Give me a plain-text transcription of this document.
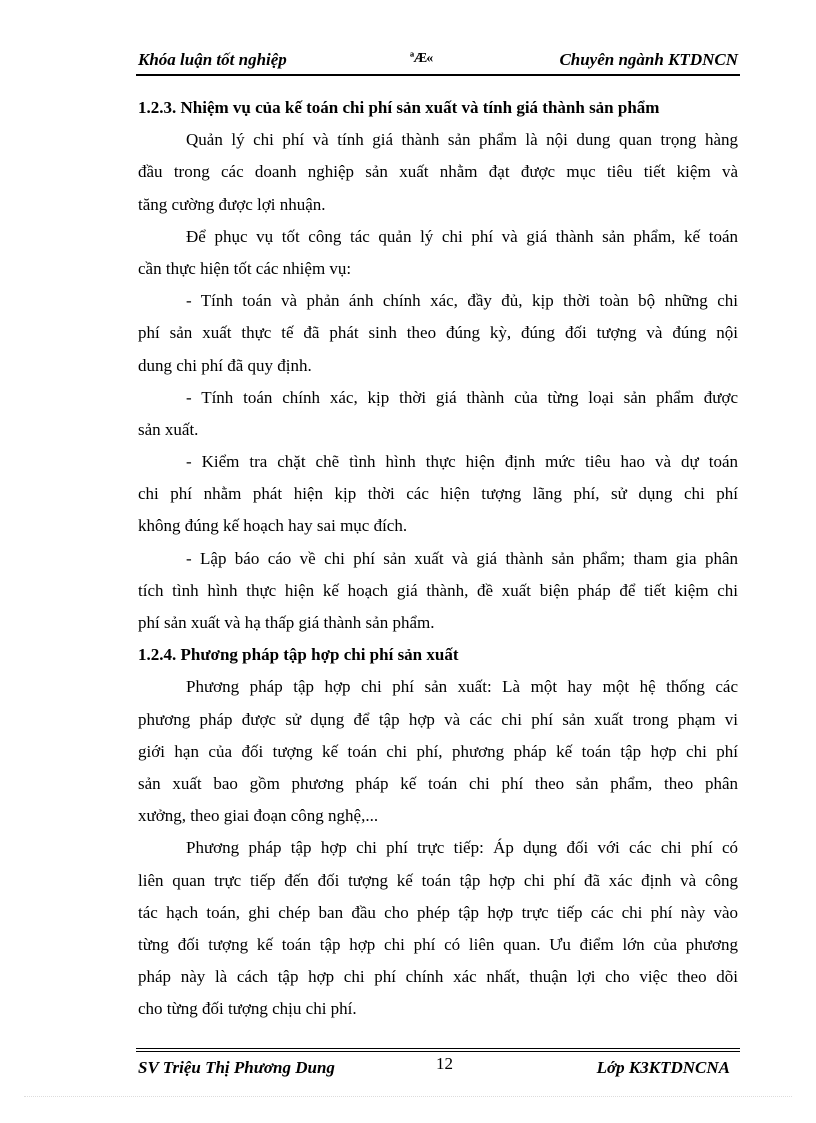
Khóa luận tốt nghiệp	ªÆ«	Chuyên ngành KTDNCN
1.2.3. Nhiệm vụ của kế toán chi phí sản xuất và tính giá thành sản phẩm
Quản lý chi phí và tính giá thành sản phẩm là nội dung quan trọng hàng
đầu trong các doanh nghiệp sản xuất nhằm đạt được mục tiêu tiết kiệm và
tăng cường được lợi nhuận.
Để phục vụ tốt công tác quản lý chi phí và giá thành sản phẩm, kế toán
cần thực hiện tốt các nhiệm vụ:
- Tính toán và phản ánh chính xác, đầy đủ, kịp thời toàn bộ những chi
phí sản xuất thực tế đã phát sinh theo đúng kỳ, đúng đối tượng và đúng nội
dung chi phí đã quy định.
- Tính toán chính xác, kịp thời giá thành của từng loại sản phẩm được
sản xuất.
- Kiểm tra chặt chẽ tình hình thực hiện định mức tiêu hao và dự toán
chi phí nhằm phát hiện kịp thời các hiện tượng lãng phí, sử dụng chi phí
không đúng kế hoạch hay sai mục đích.
- Lập báo cáo về chi phí sản xuất và giá thành sản phẩm; tham gia phân
tích tình hình thực hiện kế hoạch giá thành, đề xuất biện pháp để tiết kiệm chi
phí sản xuất và hạ thấp giá thành sản phẩm.
1.2.4. Phương pháp tập hợp chi phí sản xuất
Phương pháp tập hợp chi phí sản xuất: Là một hay một hệ thống các
phương pháp được sử dụng để tập hợp và các chi phí sản xuất trong phạm vi
giới hạn của đối tượng kế toán chi phí, phương pháp kế toán tập hợp chi phí
sản xuất bao gồm phương pháp kế toán chi phí theo sản phẩm, theo phân
xưởng, theo giai đoạn công nghệ,...
Phương pháp tập hợp chi phí trực tiếp: Áp dụng đối với các chi phí có
liên quan trực tiếp đến đối tượng kế toán tập hợp chi phí đã xác định và công
tác hạch toán, ghi chép ban đầu cho phép tập hợp trực tiếp các chi phí này vào
từng đối tượng kế toán tập hợp chi phí có liên quan. Ưu điểm lớn của phương
pháp này là cách tập hợp chi phí chính xác nhất, thuận lợi cho việc theo dõi
cho từng đối tượng chịu chi phí.
SV Triệu Thị Phương Dung	12	Lớp K3KTDNCNA
